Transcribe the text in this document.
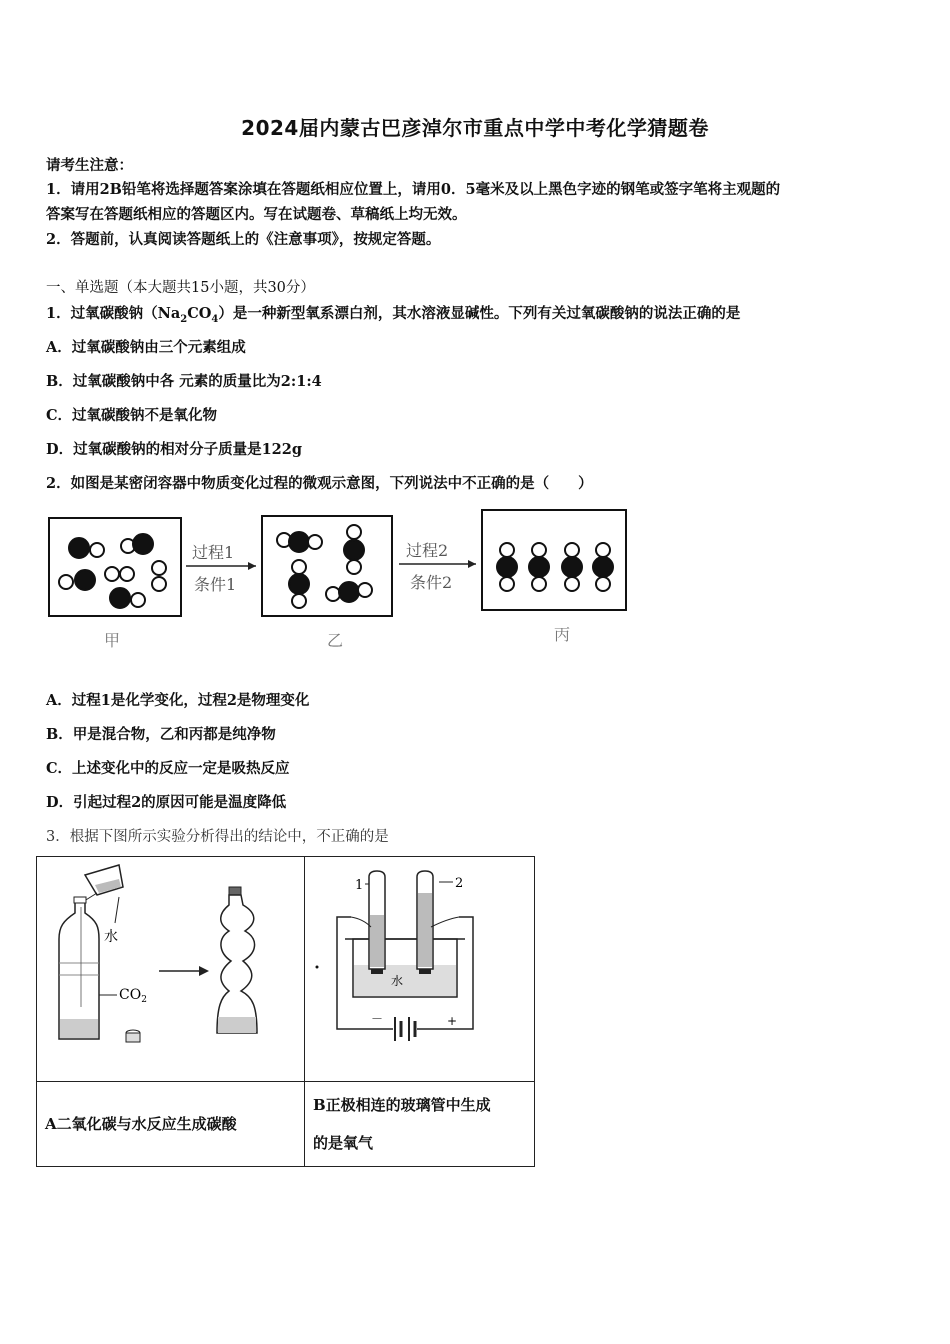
2024届内蒙古巴彦淖尔市重点中学中考化学猜题卷
请考生注意：
1．请用2B铅笔将选择题答案涂填在答题纸相应位置上，请用0．5毫米及以上黑色字迹的钢笔或签字笔将主观题的
答案写在答题纸相应的答题区内。写在试题卷、草稿纸上均无效。
2．答题前，认真阅读答题纸上的《注意事项》，按规定答题。
一、单选题（本大题共15小题，共30分）
1．过氧碳酸钠$(Na_2CO_4)$是一种新型氧系漂白剂，其水溶液显碱性。下列有关过氧碳酸钠的说法正确的是
A．过氧碳酸钠由三个元素组成
B．过氧碳酸钠中各 元素的质量比为2:1:4
C．过氧碳酸钠不是氧化物
D．过氧碳酸钠的相对分子质量是122g
2．如图是某密闭容器中物质变化过程的微观示意图，下列说法中不正确的是（　　）
过程1
条件1
过程2
条件2
甲	乙	丙
A．过程1是化学变化，过程2是物理变化
B．甲是混合物，乙和丙都是纯净物
C．上述变化中的反应一定是吸热反应
D．引起过程2的原因可能是温度降低
3．根据下图所示实验分析得出的结论中，不正确的是
水
$CO_2$	1 2
水
－ +

A二氧化碳与水反应生成碳酸	B正极相连的玻璃管中生成
的是氧气
